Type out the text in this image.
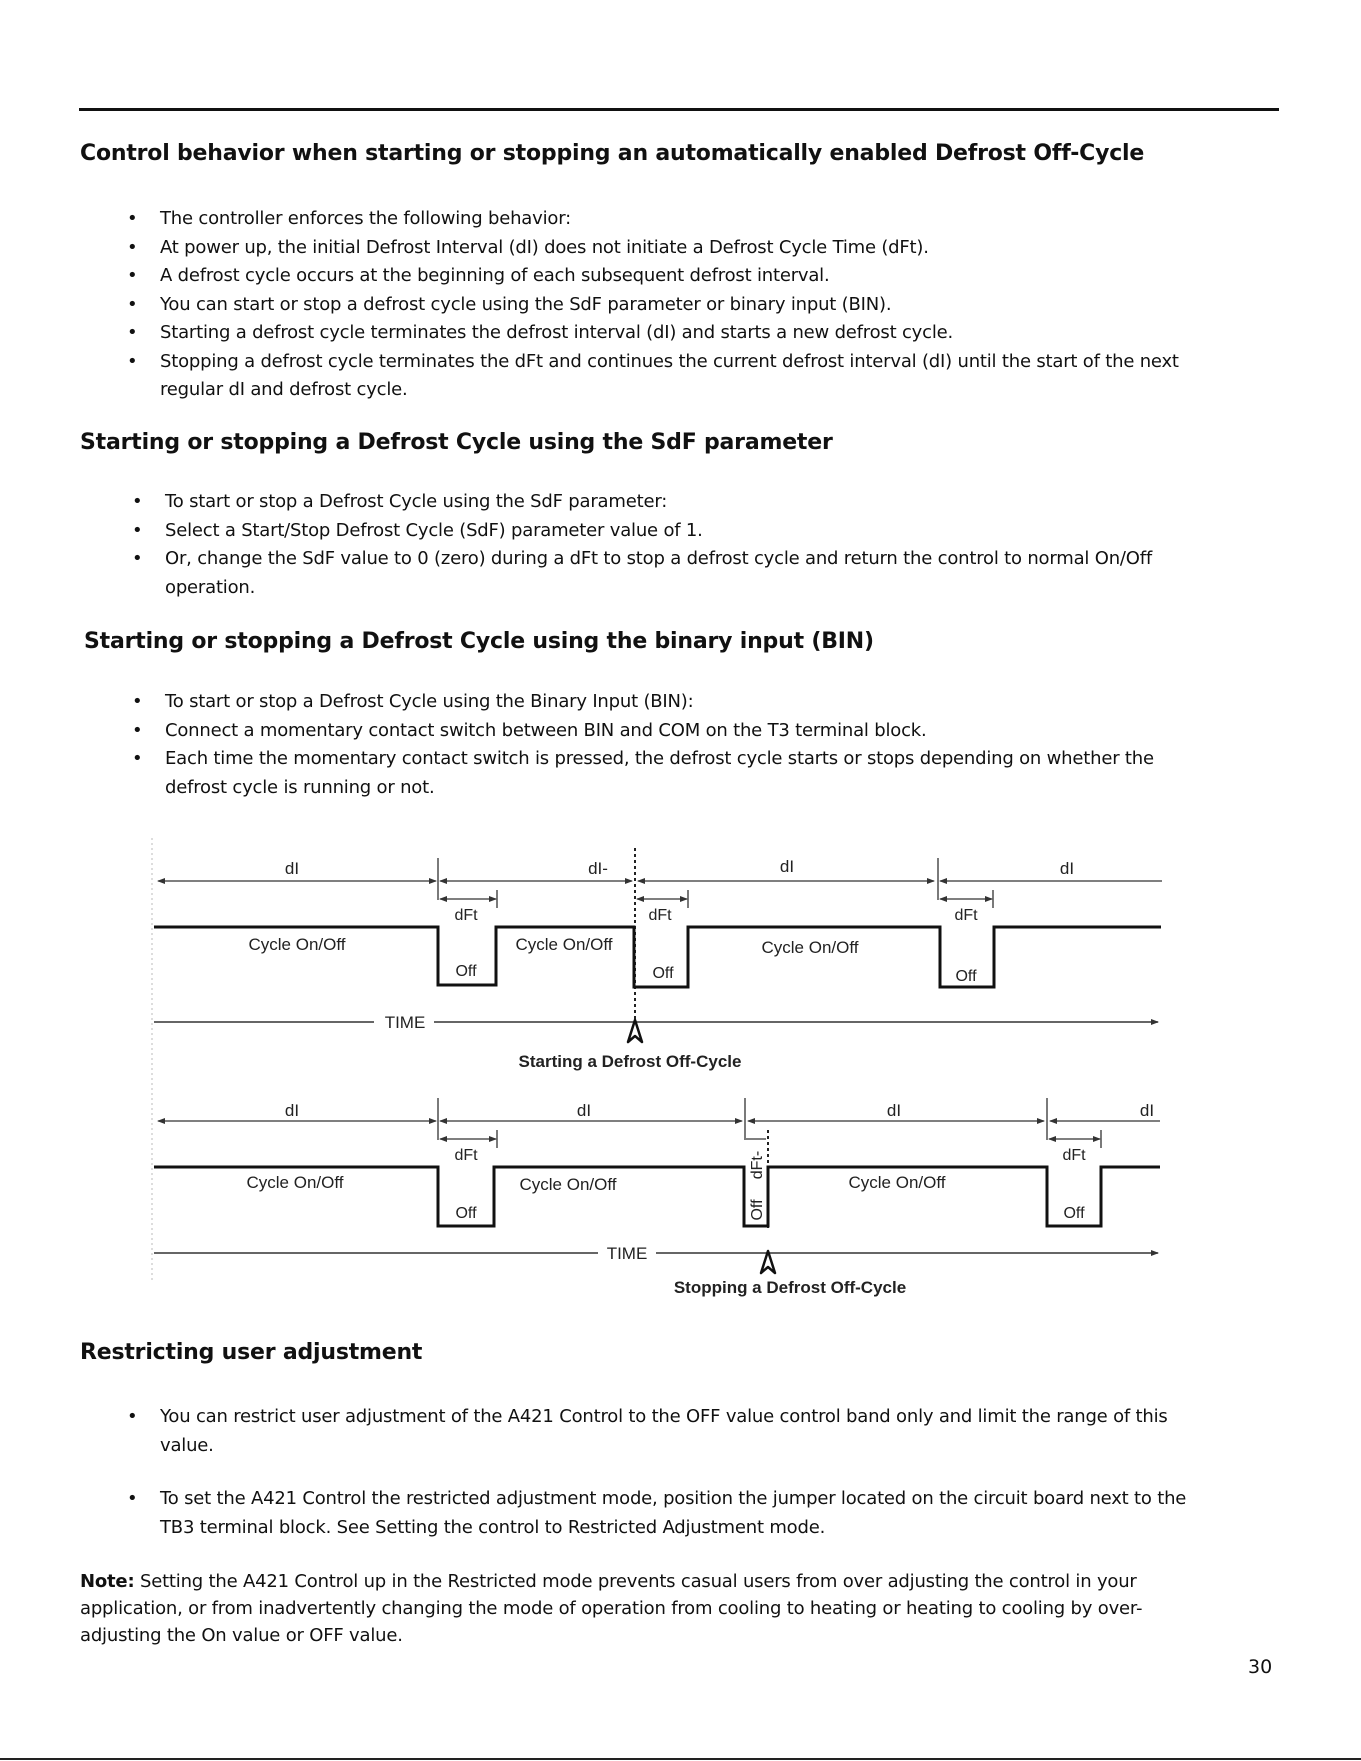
Control behavior when starting or stopping an automatically enabled Defrost Off-Cycle
• The controller enforces the following behavior:
• At power up, the initial Defrost Interval (dI) does not initiate a Defrost Cycle Time (dFt).
• A defrost cycle occurs at the beginning of each subsequent defrost interval.
• You can start or stop a defrost cycle using the SdF parameter or binary input (BIN).
• Starting a defrost cycle terminates the defrost interval (dI) and starts a new defrost cycle.
• Stopping a defrost cycle terminates the dFt and continues the current defrost interval (dI) until the start of the next
regular dI and defrost cycle.
Starting or stopping a Defrost Cycle using the SdF parameter
• To start or stop a Defrost Cycle using the SdF parameter:
• Select a Start/Stop Defrost Cycle (SdF) parameter value of 1.
• Or, change the SdF value to 0 (zero) during a dFt to stop a defrost cycle and return the control to normal On/Off
operation.
Starting or stopping a Defrost Cycle using the binary input (BIN)
• To start or stop a Defrost Cycle using the Binary Input (BIN):
• Connect a momentary contact switch between BIN and COM on the T3 terminal block.
• Each time the momentary contact switch is pressed, the defrost cycle starts or stops depending on whether the
defrost cycle is running or not.
dI	dI-	dI	dI
dFt	dFt	dFt
Cycle On/Off	Cycle On/Off	Cycle On/Off
Off	Off	Off
TIME
Starting a Defrost Off-Cycle
dI	dI	dI	dI
dFt	dFt
dFt-
Cycle On/Off	Cycle On/Off	Cycle On/Off
Off	Off	Off
TIME
Stopping a Defrost Off-Cycle
Restricting user adjustment
• You can restrict user adjustment of the A421 Control to the OFF value control band only and limit the range of this
value.
• To set the A421 Control the restricted adjustment mode, position the jumper located on the circuit board next to the
TB3 terminal block. See Setting the control to Restricted Adjustment mode.
Note: Setting the A421 Control up in the Restricted mode prevents casual users from over adjusting the control in your
application, or from inadvertently changing the mode of operation from cooling to heating or heating to cooling by over-
adjusting the On value or OFF value.
30
